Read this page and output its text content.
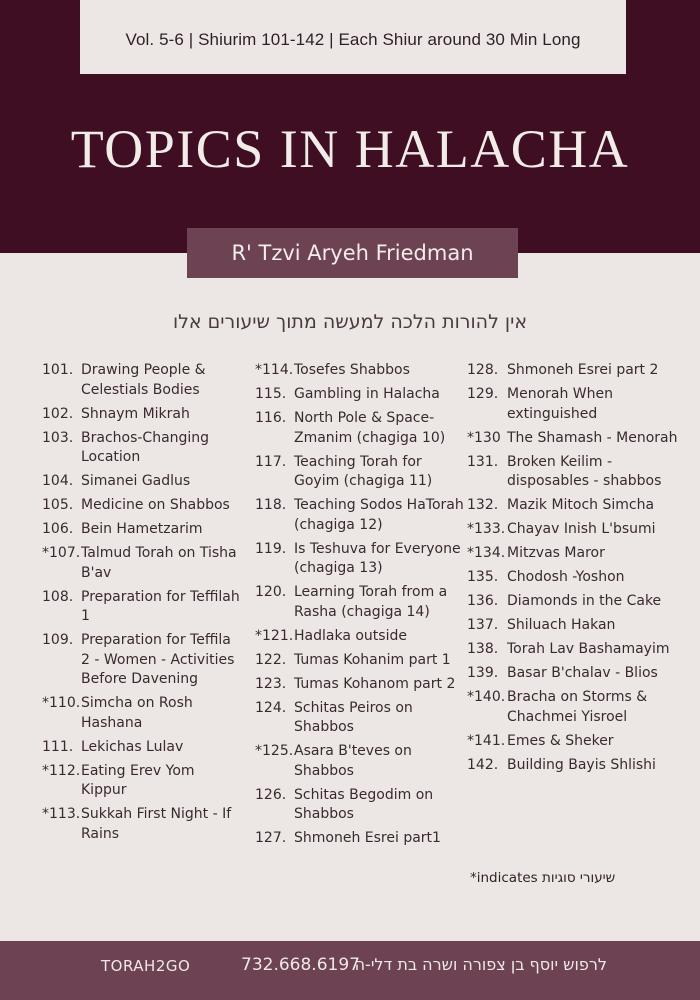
Vol. 5-6 | Shiurim 101-142 | Each Shiur around 30 Min Long
TOPICS IN HALACHA
R' Tzvi Aryeh Friedman
אין להורות הלכה למעשה מתוך שיעורים אלו
101. Drawing People & Celestials Bodies
102. Shnaym Mikrah
103. Brachos-Changing Location
104. Simanei Gadlus
105. Medicine on Shabbos
106. Bein Hametzarim
*107. Talmud Torah on Tisha B'av
108. Preparation for Teffilah 1
109. Preparation for Teffila 2 - Women - Activities Before Davening
*110. Simcha on Rosh Hashana
111. Lekichas Lulav
*112. Eating Erev Yom Kippur
*113. Sukkah First Night - If Rains
*114. Tosefes Shabbos
115. Gambling in Halacha
116. North Pole & Space-Zmanim (chagiga 10)
117. Teaching Torah for Goyim (chagiga 11)
118. Teaching Sodos HaTorah (chagiga 12)
119. Is Teshuva for Everyone (chagiga 13)
120. Learning Torah from a Rasha (chagiga 14)
*121. Hadlaka outside
122. Tumas Kohanim part 1
123. Tumas Kohanom part 2
124. Schitas Peiros on Shabbos
*125. Asara B'teves on Shabbos
126. Schitas Begodim on Shabbos
127. Shmoneh Esrei part1
128. Shmoneh Esrei part 2
129. Menorah When extinguished
*130 The Shamash - Menorah
131. Broken Keilim - disposables - shabbos
132. Mazik Mitoch Simcha
*133. Chayav Inish L'bsumi
*134. Mitzvas Maror
135. Chodosh -Yoshon
136. Diamonds in the Cake
137. Shiluach Hakan
138. Torah Lav Bashamayim
139. Basar B'chalav - Blios
*140. Bracha on Storms & Chachmei Yisroel
*141. Emes & Sheker
142. Building Bayis Shlishi
*indicates שיעורי סוגיות
TORAH2GO	732.668.6197
לרפוש יוסף בן צפורה ושרה בת דלי-ה
